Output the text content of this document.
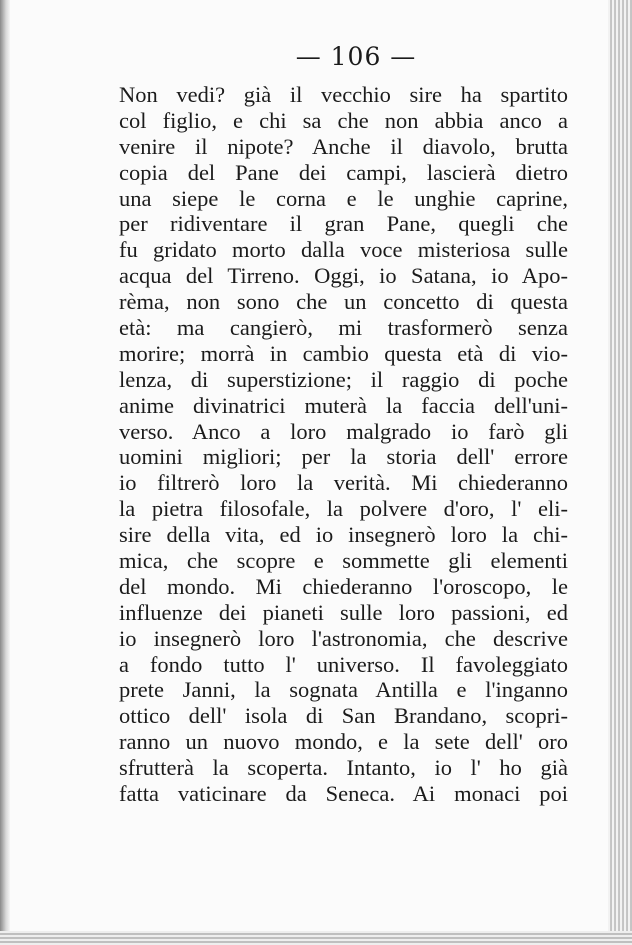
— 106 —
Non vedi? già il vecchio sire ha spartito
col figlio, e chi sa che non abbia anco a
venire il nipote? Anche il diavolo, brutta
copia del Pane dei campi, lascierà dietro
una siepe le corna e le unghie caprine,
per ridiventare il gran Pane, quegli che
fu gridato morto dalla voce misteriosa sulle
acqua del Tirreno. Oggi, io Satana, io Apo-
rèma, non sono che un concetto di questa
età: ma cangierò, mi trasformerò senza
morire; morrà in cambio questa età di vio-
lenza, di superstizione; il raggio di poche
anime divinatrici muterà la faccia dell'uni-
verso. Anco a loro malgrado io farò gli
uomini migliori; per la storia dell' errore
io filtrerò loro la verità. Mi chiederanno
la pietra filosofale, la polvere d'oro, l' eli-
sire della vita, ed io insegnerò loro la chi-
mica, che scopre e sommette gli elementi
del mondo. Mi chiederanno l'oroscopo, le
influenze dei pianeti sulle loro passioni, ed
io insegnerò loro l'astronomia, che descrive
a fondo tutto l' universo. Il favoleggiato
prete Janni, la sognata Antilla e l'inganno
ottico dell' isola di San Brandano, scopri-
ranno un nuovo mondo, e la sete dell' oro
sfrutterà la scoperta. Intanto, io l' ho già
fatta vaticinare da Seneca. Ai monaci poi
